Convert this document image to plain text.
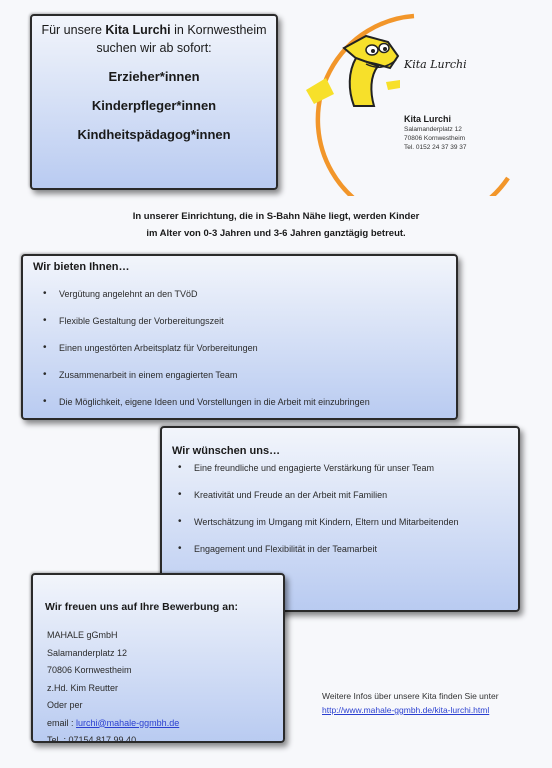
Für unsere Kita Lurchi in Kornwestheim
suchen wir ab sofort:
Erzieher*innen
Kinderpfleger*innen
Kindheitspädagog*innen
Kita Lurchi
Kita Lurchi
Salamanderplatz 12
70806 Kornwestheim
Tel. 0152 24 37 39 37
In unserer Einrichtung, die in S-Bahn Nähe liegt, werden Kinder
im Alter von 0-3 Jahren und 3-6 Jahren ganztägig betreut.
Wir bieten Ihnen…
• Vergütung angelehnt an den TVöD
• Flexible Gestaltung der Vorbereitungszeit
• Einen ungestörten Arbeitsplatz für Vorbereitungen
• Zusammenarbeit in einem engagierten Team
• Die Möglichkeit, eigene Ideen und Vorstellungen in die Arbeit mit einzubringen
Wir wünschen uns…
• Eine freundliche und engagierte Verstärkung für unser Team
• Kreativität und Freude an der Arbeit mit Familien
• Wertschätzung im Umgang mit Kindern, Eltern und Mitarbeitenden
• Engagement und Flexibilität in der Teamarbeit
Wir freuen uns auf Ihre Bewerbung an:
MAHALE gGmbH
Salamanderplatz 12
70806 Kornwestheim
z.Hd. Kim Reutter
Oder per
email : lurchi@mahale-ggmbh.de
Tel. : 07154 817 99 40
Weitere Infos über unsere Kita finden Sie unter
http://www.mahale-ggmbh.de/kita-lurchi.html
